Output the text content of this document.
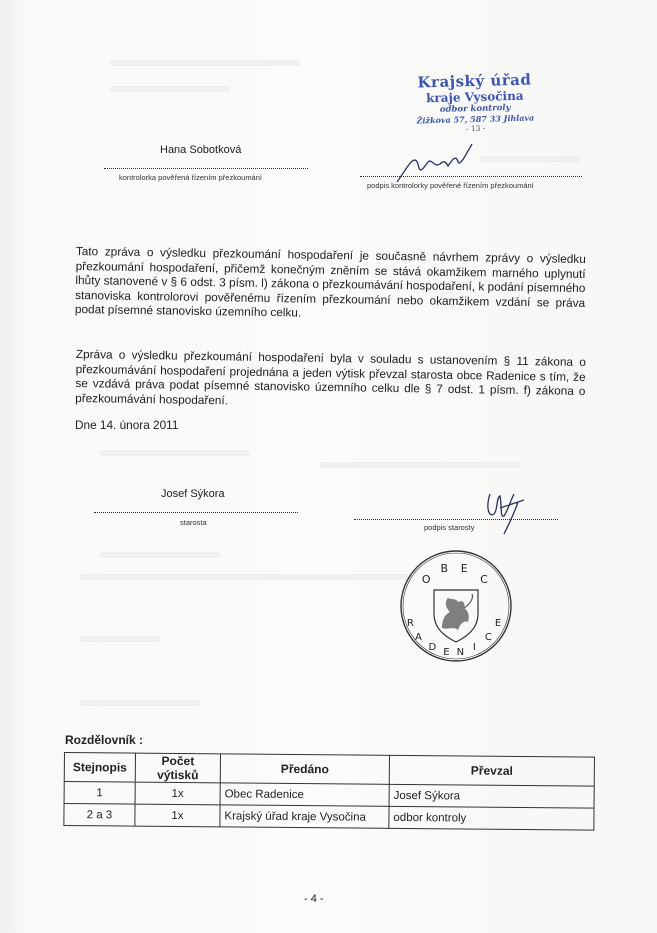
Krajský úřad
kraje Vysočina
odbor kontroly
Žižkova 57, 587 33 Jihlava
- 13 -
Hana Sobotková
kontrolorka pověřená řízením přezkoumání
podpis kontrolorky pověřené řízením přezkoumání
Tato zpráva o výsledku přezkoumání hospodaření je současně návrhem zprávy o výsledku přezkoumání hospodaření, přičemž konečným zněním se stává okamžikem marného uplynutí lhůty stanovené v § 6 odst. 3 písm. l) zákona o přezkoumávání hospodaření, k podání písemného stanoviska kontrolorovi pověřenému řízením přezkoumání nebo okamžikem vzdání se práva podat písemné stanovisko územního celku.
Zpráva o výsledku přezkoumání hospodaření byla v souladu s ustanovením § 11 zákona o přezkoumávání hospodaření projednána a jeden výtisk převzal starosta obce Radenice s tím, že se vzdává práva podat písemné stanovisko územního celku dle § 7 odst. 1 písm. f) zákona o přezkoumávání hospodaření.
Dne 14. února 2011
Josef Sýkora
starosta
podpis starosty
O B E C
R A D E N I C E
Rozdělovník :
Stejnopis	Počet výtisků	Předáno	Převzal
1	1x	Obec Radenice	Josef Sýkora
2 a 3	1x	Krajský úřad kraje Vysočina	odbor kontroly
- 4 -
